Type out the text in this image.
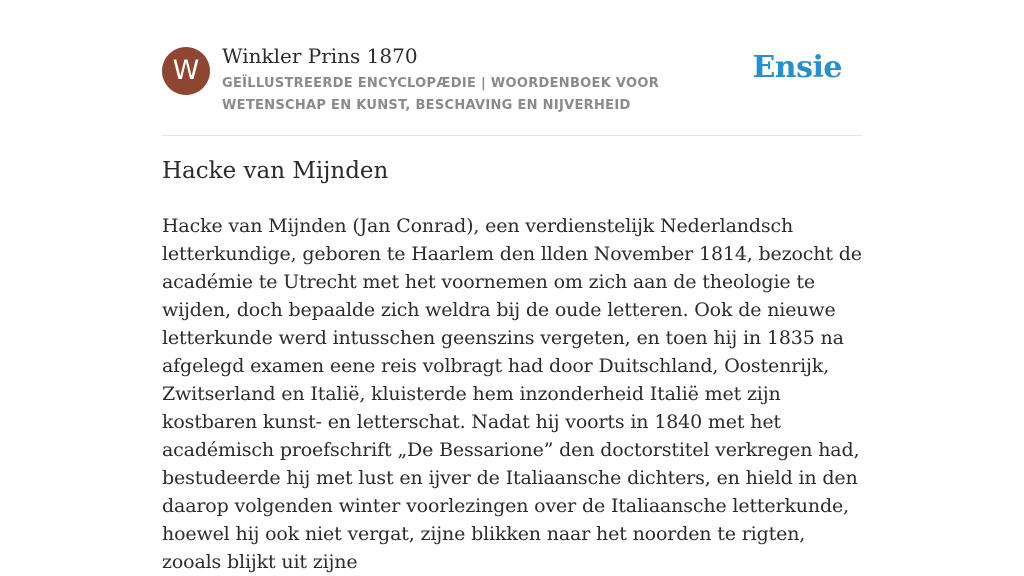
W	Winkler Prins 1870
GEÏLLUSTREERDE ENCYCLOPÆDIE | WOORDENBOEK VOOR WETENSCHAP EN KUNST, BESCHAVING EN NIJVERHEID
Ensie
Hacke van Mijnden

Hacke van Mijnden (Jan Conrad), een verdienstelijk Nederlandsch letterkundige, geboren te Haarlem den llden November 1814, bezocht de académie te Utrecht met het voornemen om zich aan de theologie te wijden, doch bepaalde zich weldra bij de oude letteren. Ook de nieuwe letterkunde werd intusschen geenszins vergeten, en toen hij in 1835 na afgelegd examen eene reis volbragt had door Duitschland, Oostenrijk, Zwitserland en Italië, kluisterde hem inzonderheid Italië met zijn kostbaren kunst- en letterschat. Nadat hij voorts in 1840 met het académisch proefschrift „De Bessarione” den doctorstitel verkregen had, bestudeerde hij met lust en ijver de Italiaansche dichters, en hield in den daarop volgenden winter voorlezingen over de Italiaansche letterkunde, hoewel hij ook niet vergat, zijne blikken naar het noorden te rigten, zooals blijkt uit zijne
